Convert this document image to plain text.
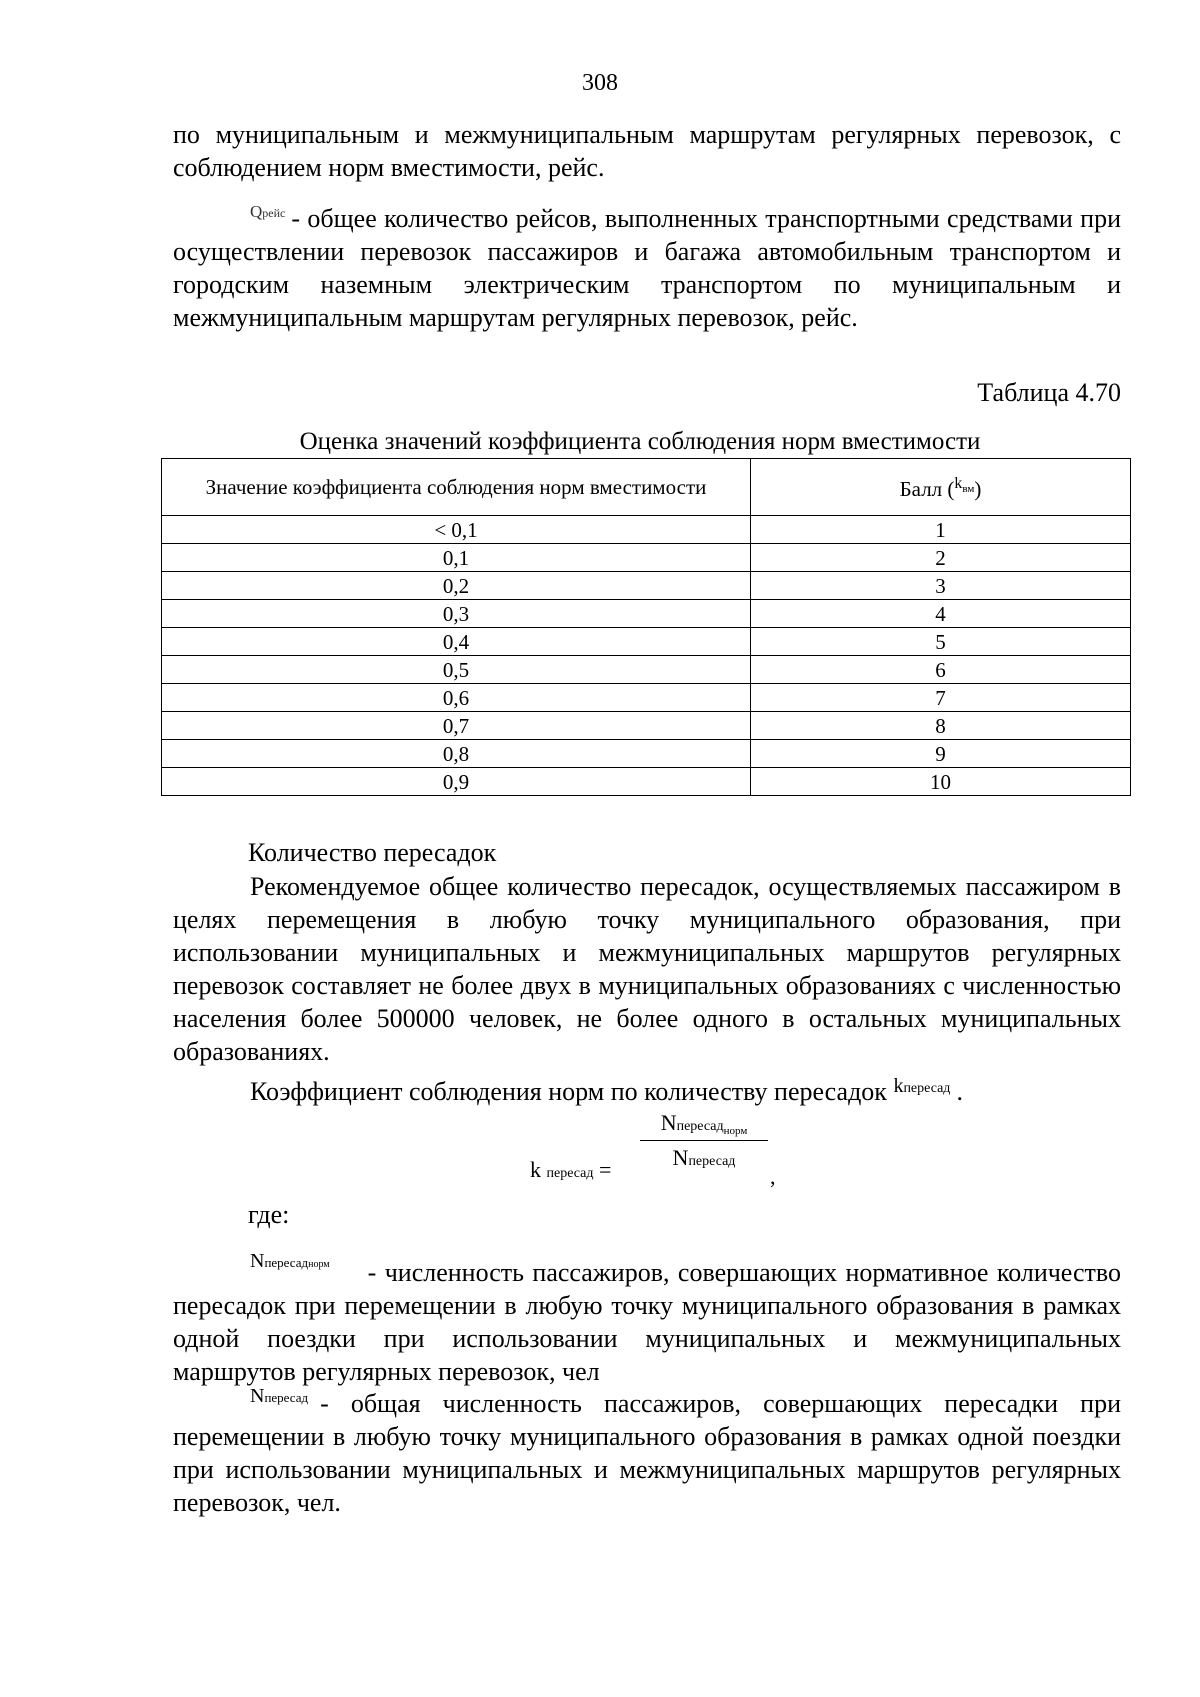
308
по муниципальным и межмуниципальным маршрутам регулярных перевозок, с соблюдением норм вместимости, рейс.
$^{Qрейс}$ - общее количество рейсов, выполненных транспортными средствами при осуществлении перевозок пассажиров и багажа автомобильным транспортом и городским наземным электрическим транспортом по муниципальным и межмуниципальным маршрутам регулярных перевозок, рейс.
Таблица 4.70
Оценка значений коэффициента соблюдения норм вместимости
Значение коэффициента соблюдения норм вместимости	Балл ($^{k_{вм}}$)
< 0,1	1
0,1	2
0,2	3
0,3	4
0,4	5
0,5	6
0,6	7
0,7	8
0,8	9
0,9	10
Количество пересадок
Рекомендуемое общее количество пересадок, осуществляемых пассажиром в целях перемещения в любую точку муниципального образования, при использовании муниципальных и межмуниципальных маршрутов регулярных перевозок составляет не более двух в муниципальных образованиях с численностью населения более 500000 человек, не более одного в остальных муниципальных образованиях.
Коэффициент соблюдения норм по количеству пересадок $^{kпересад}$ .
Nпересаднорм
Nпересад
k пересад =	,
где:
$^{Nпересаднорм}$ - численность пассажиров, совершающих нормативное количество пересадок при перемещении в любую точку муниципального образования в рамках одной поездки при использовании муниципальных и межмуниципальных маршрутов регулярных перевозок, чел
$^{Nпересад}$ - общая численность пассажиров, совершающих пересадки при перемещении в любую точку муниципального образования в рамках одной поездки при использовании муниципальных и межмуниципальных маршрутов регулярных перевозок, чел.
